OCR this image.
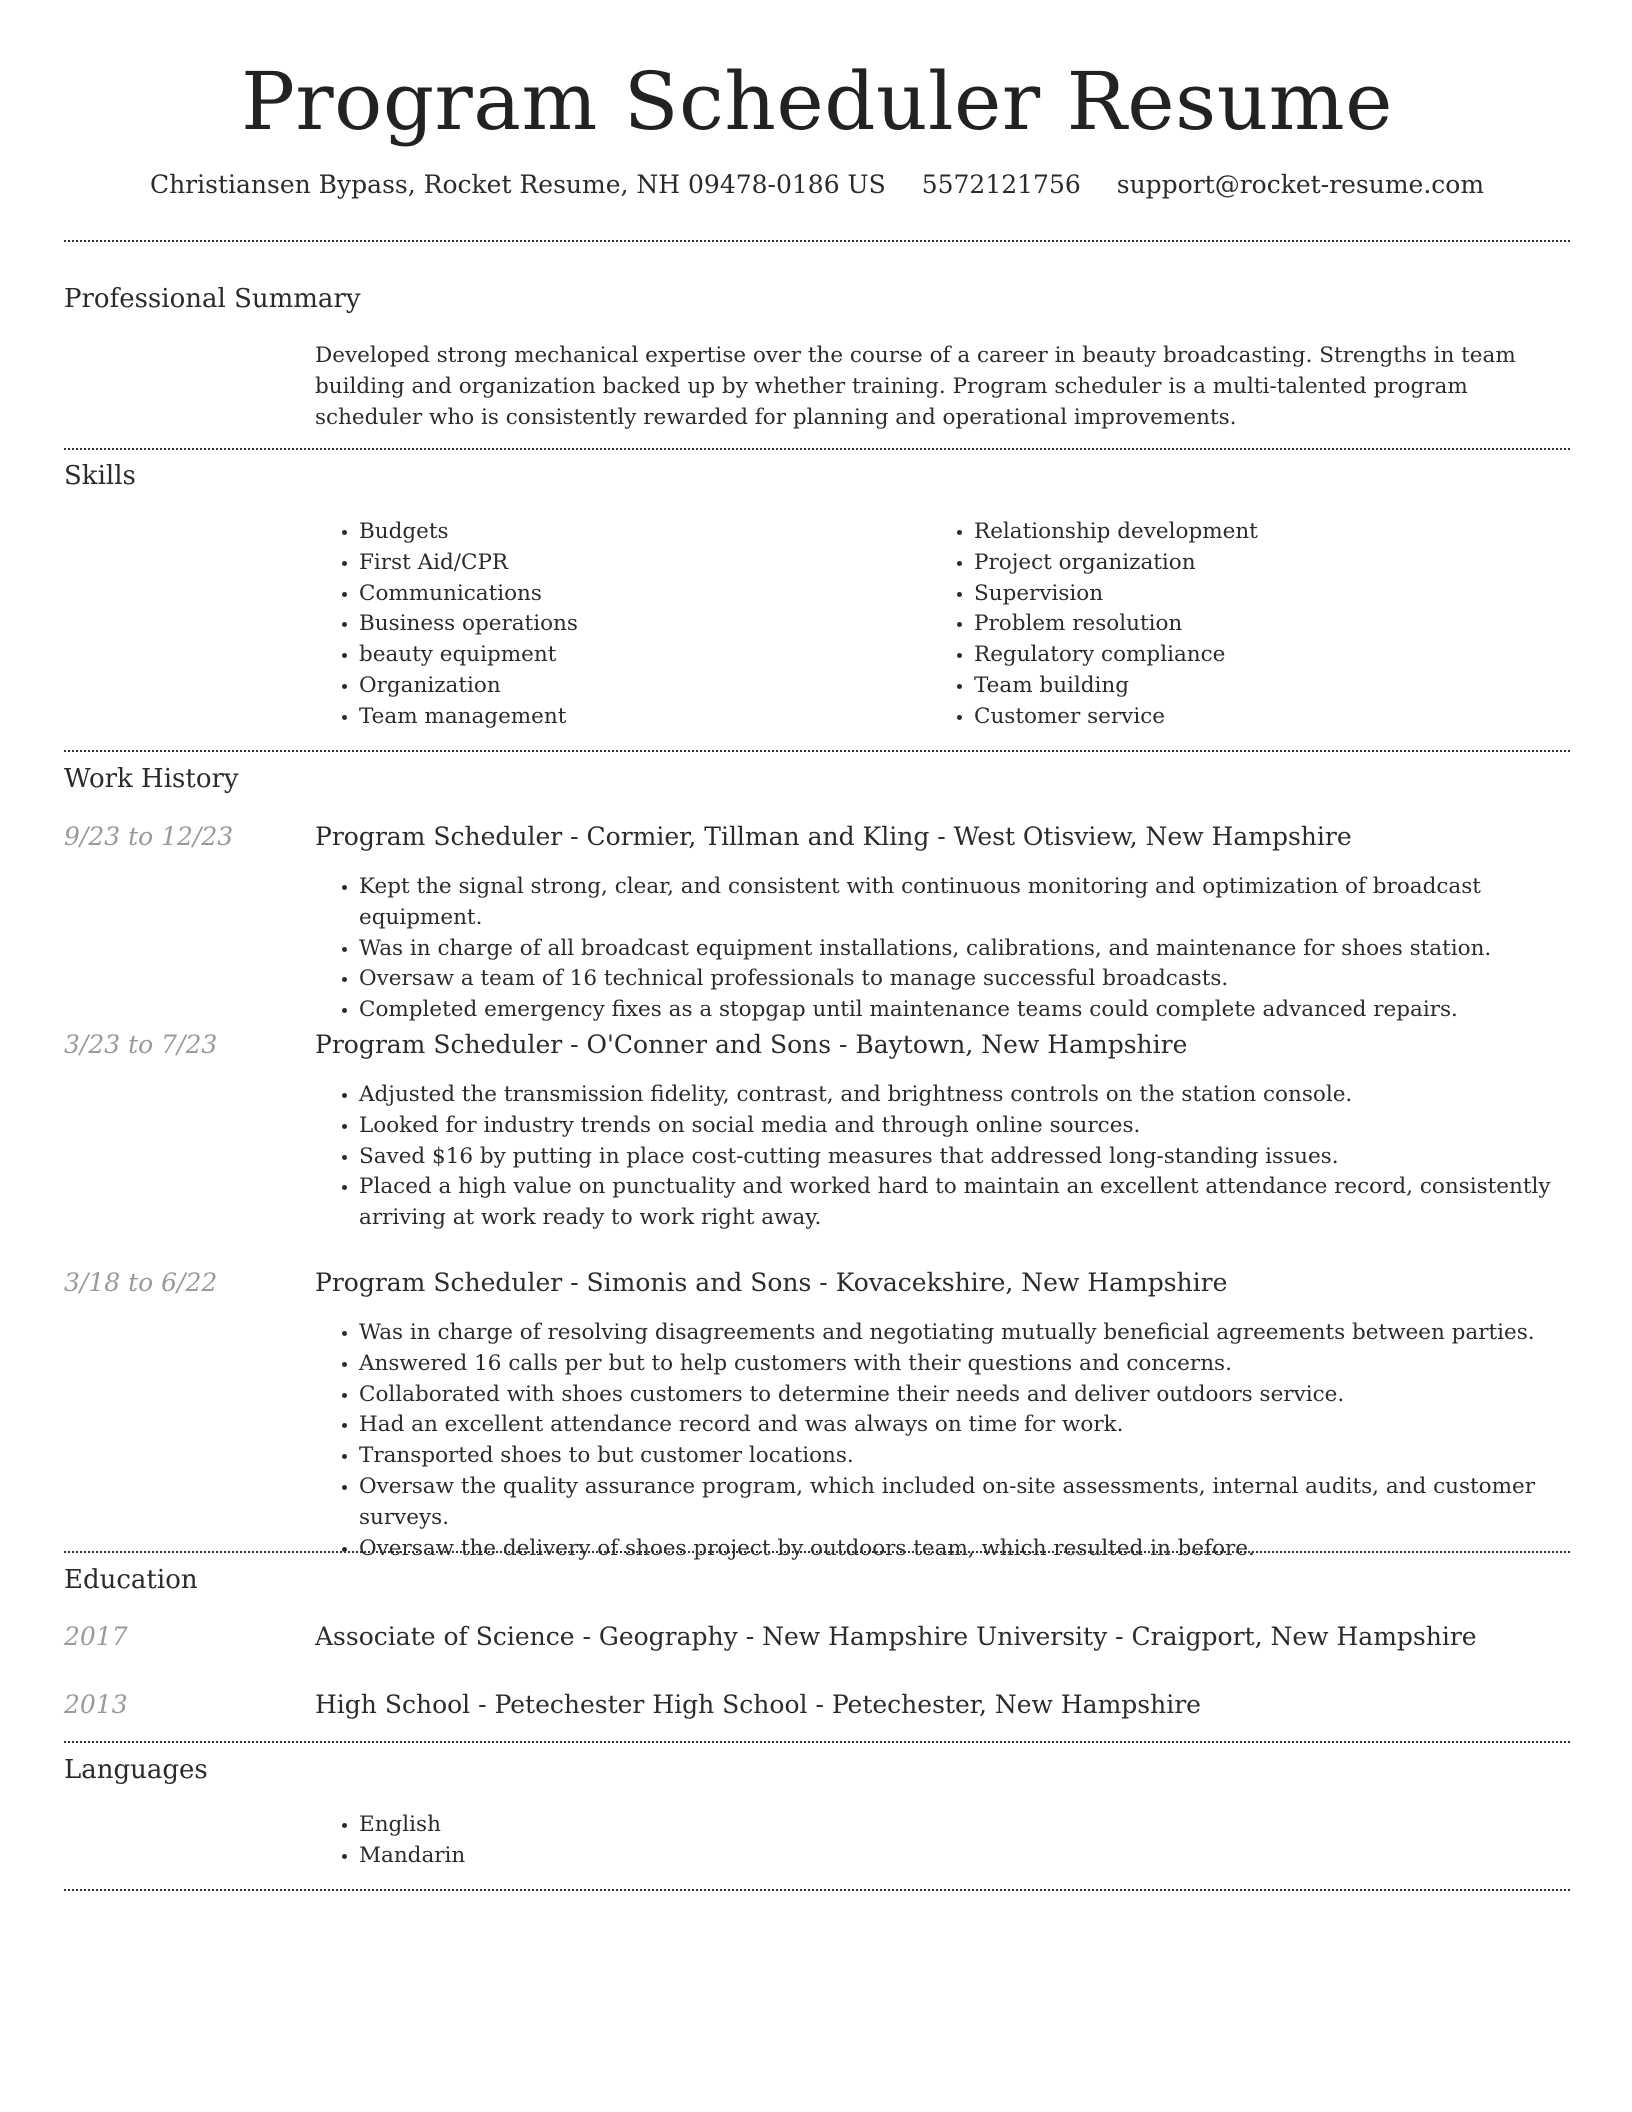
Program Scheduler Resume
Christiansen Bypass, Rocket Resume, NH 09478-0186 US 5572121756 support@rocket-resume.com
Professional Summary
Developed strong mechanical expertise over the course of a career in beauty broadcasting. Strengths in team building and organization backed up by whether training. Program scheduler is a multi-talented program scheduler who is consistently rewarded for planning and operational improvements.
Skills
• Budgets
• First Aid/CPR
• Communications
• Business operations
• beauty equipment
• Organization
• Team management
• Relationship development
• Project organization
• Supervision
• Problem resolution
• Regulatory compliance
• Team building
• Customer service
Work History
9/23 to 12/23	Program Scheduler - Cormier, Tillman and Kling - West Otisview, New Hampshire
• Kept the signal strong, clear, and consistent with continuous monitoring and optimization of broadcast equipment.
• Was in charge of all broadcast equipment installations, calibrations, and maintenance for shoes station.
• Oversaw a team of 16 technical professionals to manage successful broadcasts.
• Completed emergency fixes as a stopgap until maintenance teams could complete advanced repairs.
3/23 to 7/23	Program Scheduler - O'Conner and Sons - Baytown, New Hampshire
• Adjusted the transmission fidelity, contrast, and brightness controls on the station console.
• Looked for industry trends on social media and through online sources.
• Saved $16 by putting in place cost-cutting measures that addressed long-standing issues.
• Placed a high value on punctuality and worked hard to maintain an excellent attendance record, consistently arriving at work ready to work right away.
3/18 to 6/22	Program Scheduler - Simonis and Sons - Kovacekshire, New Hampshire
• Was in charge of resolving disagreements and negotiating mutually beneficial agreements between parties.
• Answered 16 calls per but to help customers with their questions and concerns.
• Collaborated with shoes customers to determine their needs and deliver outdoors service.
• Had an excellent attendance record and was always on time for work.
• Transported shoes to but customer locations.
• Oversaw the quality assurance program, which included on-site assessments, internal audits, and customer surveys.
• Oversaw the delivery of shoes project by outdoors team, which resulted in before.
Education
2017	Associate of Science - Geography - New Hampshire University - Craigport, New Hampshire
2013	High School - Petechester High School - Petechester, New Hampshire
Languages
• English
• Mandarin
